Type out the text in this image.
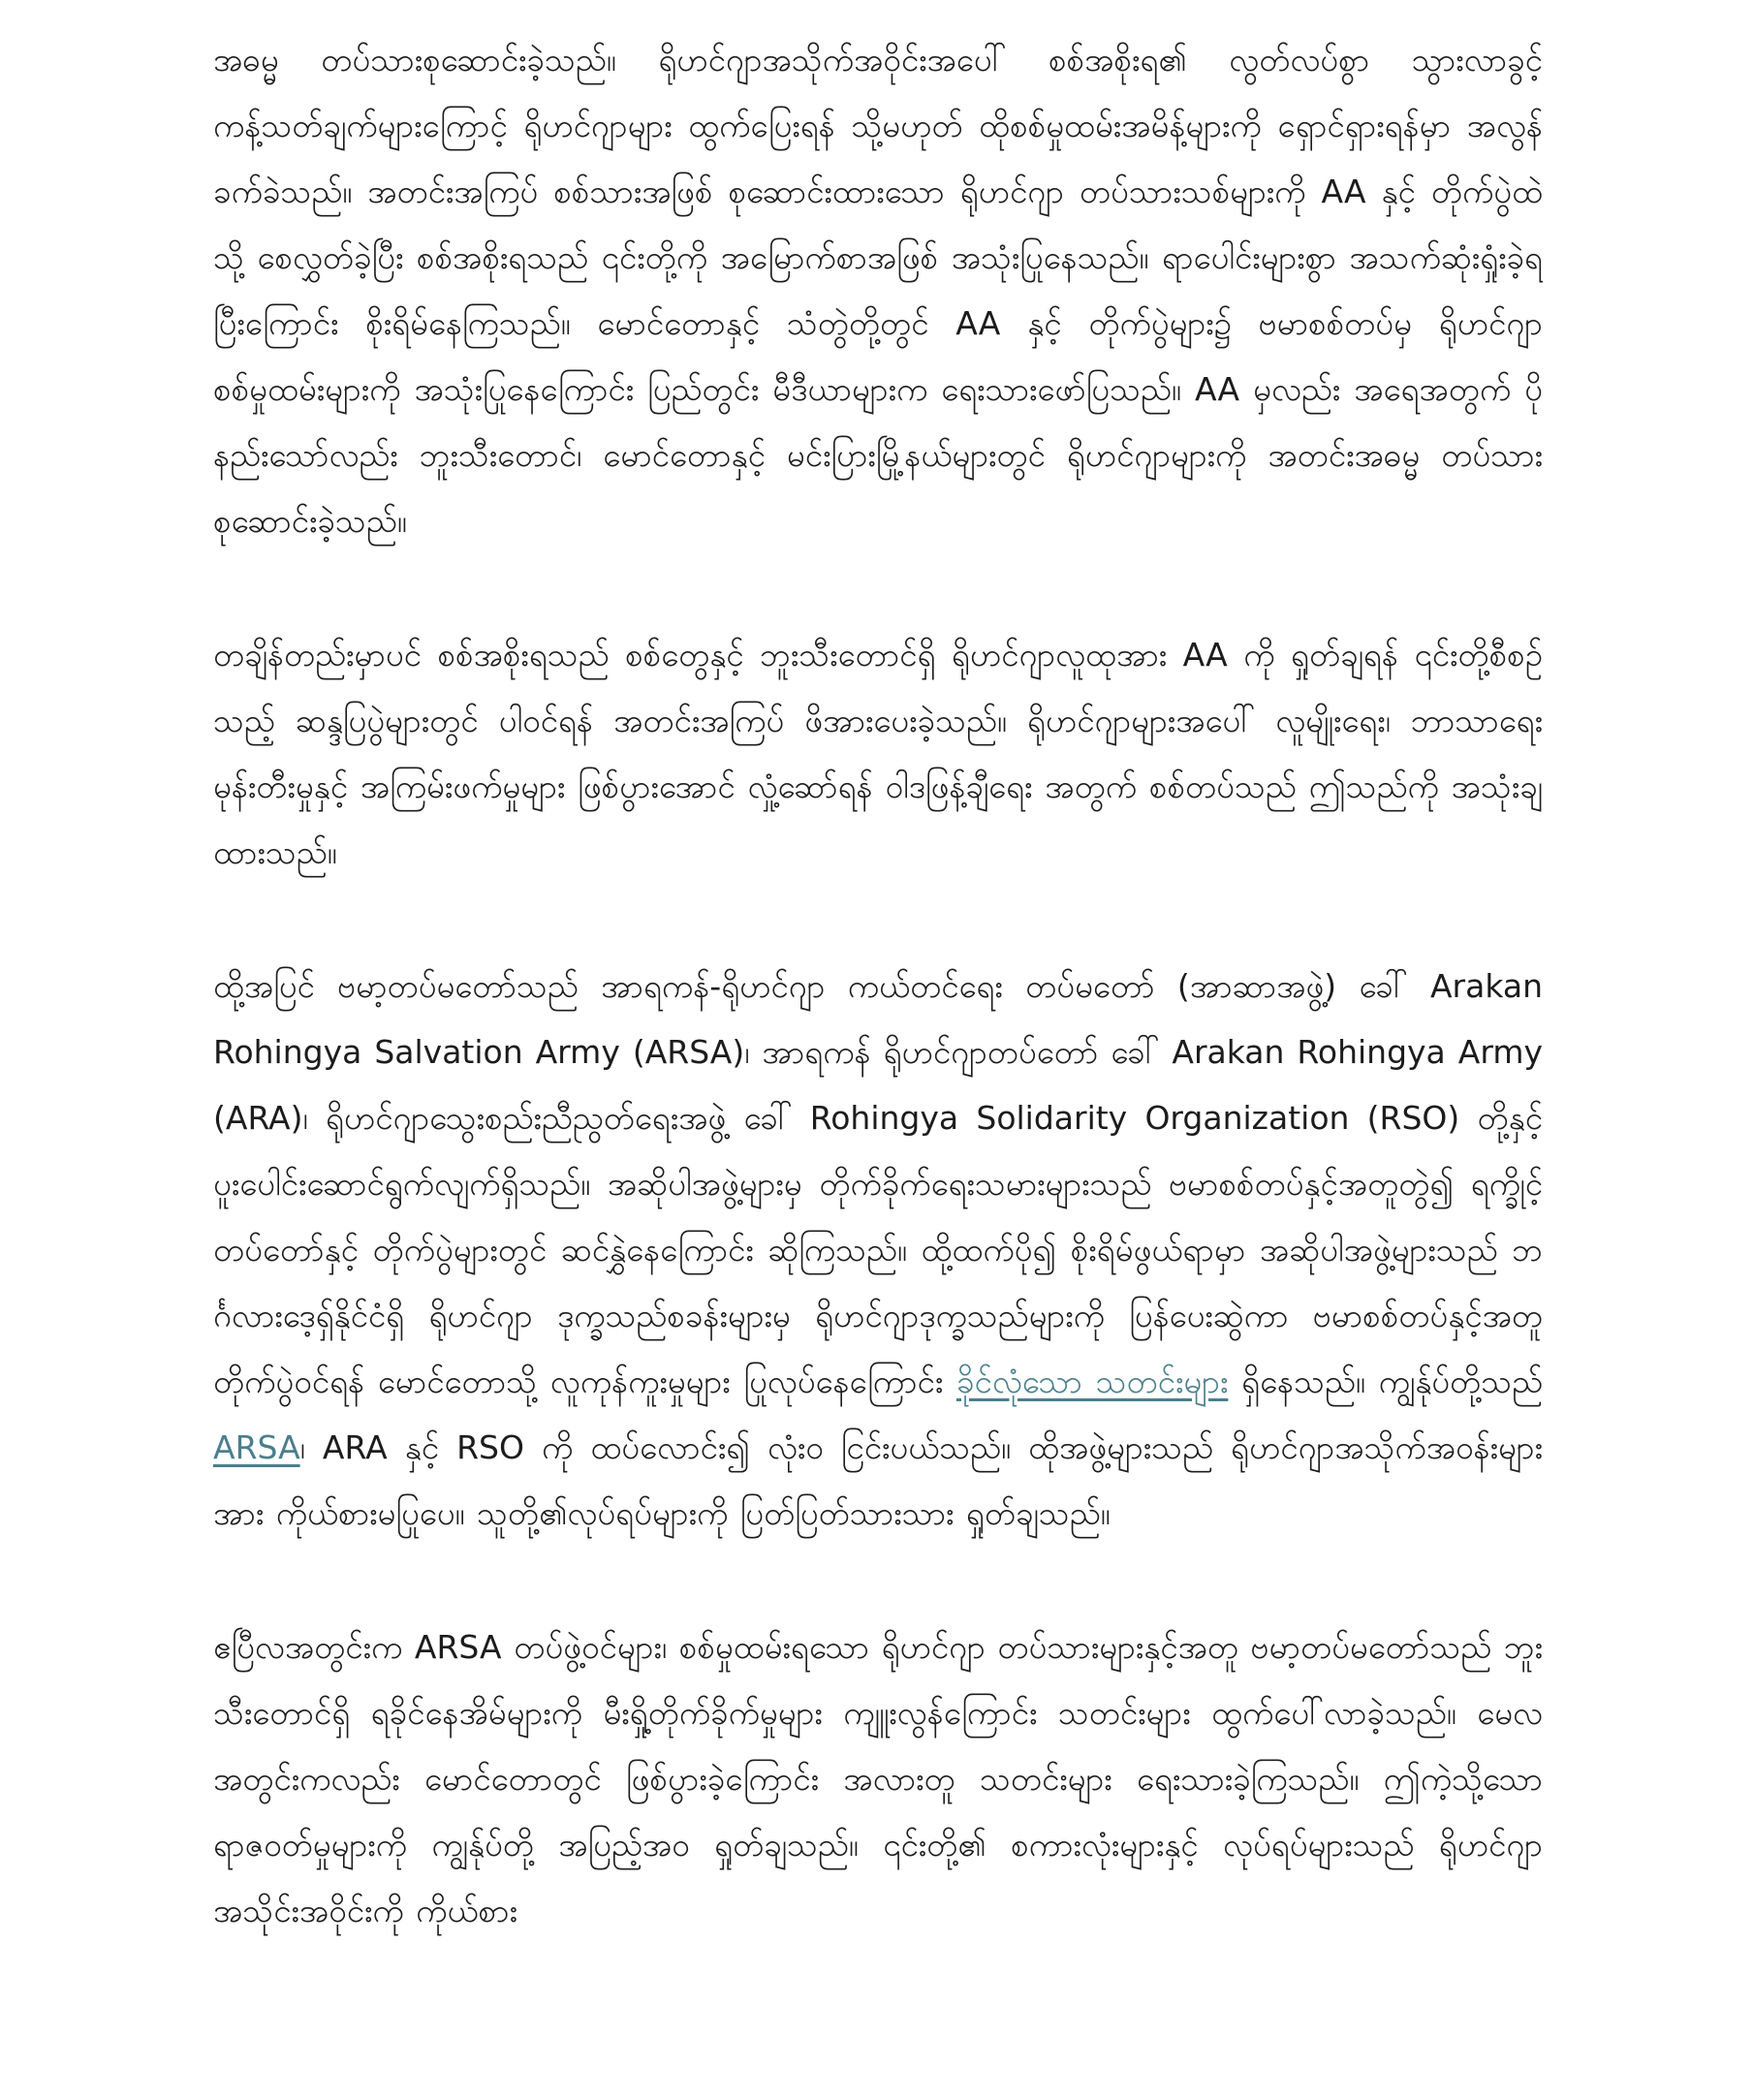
အဓမ္မ တပ်သားစုဆောင်းခဲ့သည်။ ရိုဟင်ဂျာအသိုက်အဝိုင်းအပေါ် စစ်အစိုးရ၏ လွတ်လပ်စွာ သွားလာခွင့် ကန့်သတ်ချက်များကြောင့် ရိုဟင်ဂျာများ ထွက်ပြေးရန် သို့မဟုတ် ထိုစစ်မှုထမ်းအမိန့်များကို ရှောင်ရှားရန်မှာ အလွန်ခက်ခဲသည်။ အတင်းအကြပ် စစ်သားအဖြစ် စုဆောင်းထားသော ရိုဟင်ဂျာ တပ်သားသစ်များကို AA နှင့် တိုက်ပွဲထဲသို့ စေလွှတ်ခဲ့ပြီး စစ်အစိုးရသည် ၎င်းတို့ကို အမြောက်စာအဖြစ် အသုံးပြုနေသည်။ ရာပေါင်းများစွာ အသက်ဆုံးရှုံးခဲ့ရပြီးကြောင်း စိုးရိမ်နေကြသည်။ မောင်တောနှင့် သံတွဲတို့တွင် AA နှင့် တိုက်ပွဲများ၌ ဗမာစစ်တပ်မှ ရိုဟင်ဂျာ စစ်မှုထမ်းများကို အသုံးပြုနေကြောင်း ပြည်တွင်း မီဒီယာများက ရေးသားဖော်ပြသည်။ AA မှလည်း အရေအတွက် ပိုနည်းသော်လည်း ဘူးသီးတောင်၊ မောင်တောနှင့် မင်းပြားမြို့နယ်များတွင် ရိုဟင်ဂျာများကို အတင်းအဓမ္မ တပ်သားစုဆောင်းခဲ့သည်။

တချိန်တည်းမှာပင် စစ်အစိုးရသည် စစ်တွေနှင့် ဘူးသီးတောင်ရှိ ရိုဟင်ဂျာလူထုအား AA ကို ရှုတ်ချရန် ၎င်းတို့စီစဉ်သည့် ဆန္ဒပြပွဲများတွင် ပါဝင်ရန် အတင်းအကြပ် ဖိအားပေးခဲ့သည်။ ရိုဟင်ဂျာများအပေါ် လူမျိုးရေး၊ ဘာသာရေးမုန်းတီးမှုနှင့် အကြမ်းဖက်မှုများ ဖြစ်ပွားအောင် လှုံ့ဆော်ရန် ဝါဒဖြန့်ချီရေး အတွက် စစ်တပ်သည် ဤသည်ကို အသုံးချထားသည်။

ထို့အပြင် ဗမာ့တပ်မတော်သည် အာရကန်-ရိုဟင်ဂျာ ကယ်တင်ရေး တပ်မတော် (အာဆာအဖွဲ့) ခေါ် Arakan Rohingya Salvation Army (ARSA)၊ အာရကန် ရိုဟင်ဂျာတပ်တော် ခေါ် Arakan Rohingya Army (ARA)၊ ရိုဟင်ဂျာသွေးစည်းညီညွတ်ရေးအဖွဲ့ ခေါ် Rohingya Solidarity Organization (RSO) တို့နှင့် ပူးပေါင်းဆောင်ရွက်လျက်ရှိသည်။ အဆိုပါအဖွဲ့များမှ တိုက်ခိုက်ရေးသမားများသည် ဗမာစစ်တပ်နှင့်အတူတွဲ၍ ရက္ခိုင့်တပ်တော်နှင့် တိုက်ပွဲများတွင် ဆင်နွှဲနေကြောင်း ဆိုကြသည်။ ထို့ထက်ပို၍ စိုးရိမ်ဖွယ်ရာမှာ အဆိုပါအဖွဲ့များသည် ဘင်္ဂလားဒေ့ရှ်နိုင်ငံရှိ ရိုဟင်ဂျာ ဒုက္ခသည်စခန်းများမှ ရိုဟင်ဂျာဒုက္ခသည်များကို ပြန်ပေးဆွဲကာ ဗမာစစ်တပ်နှင့်အတူ တိုက်ပွဲဝင်ရန် မောင်တောသို့ လူကုန်ကူးမှုများ ပြုလုပ်နေကြောင်း ခိုင်လုံသော သတင်းများ ရှိနေသည်။ ကျွန်ုပ်တို့သည် ARSA၊ ARA နှင့် RSO ကို ထပ်လောင်း၍ လုံးဝ ငြင်းပယ်သည်။ ထိုအဖွဲ့များသည် ရိုဟင်ဂျာအသိုက်အဝန်းများအား ကိုယ်စားမပြုပေ။ သူတို့၏လုပ်ရပ်များကို ပြတ်ပြတ်သားသား ရှုတ်ချသည်။

ဧပြီလအတွင်းက ARSA တပ်ဖွဲ့ဝင်များ၊ စစ်မှုထမ်းရသော ရိုဟင်ဂျာ တပ်သားများနှင့်အတူ ဗမာ့တပ်မတော်သည် ဘူးသီးတောင်ရှိ ရခိုင်နေအိမ်များကို မီးရှို့တိုက်ခိုက်မှုများ ကျူးလွန်ကြောင်း သတင်းများ ထွက်ပေါ်လာခဲ့သည်။ မေလအတွင်းကလည်း မောင်တောတွင် ဖြစ်ပွားခဲ့ကြောင်း အလားတူ သတင်းများ ရေးသားခဲ့ကြသည်။ ဤကဲ့သို့သော ရာဇဝတ်မှုများကို ကျွန်ုပ်တို့ အပြည့်အဝ ရှုတ်ချသည်။ ၎င်းတို့၏ စကားလုံးများနှင့် လုပ်ရပ်များသည် ရိုဟင်ဂျာအသိုင်းအဝိုင်းကို ကိုယ်စား
